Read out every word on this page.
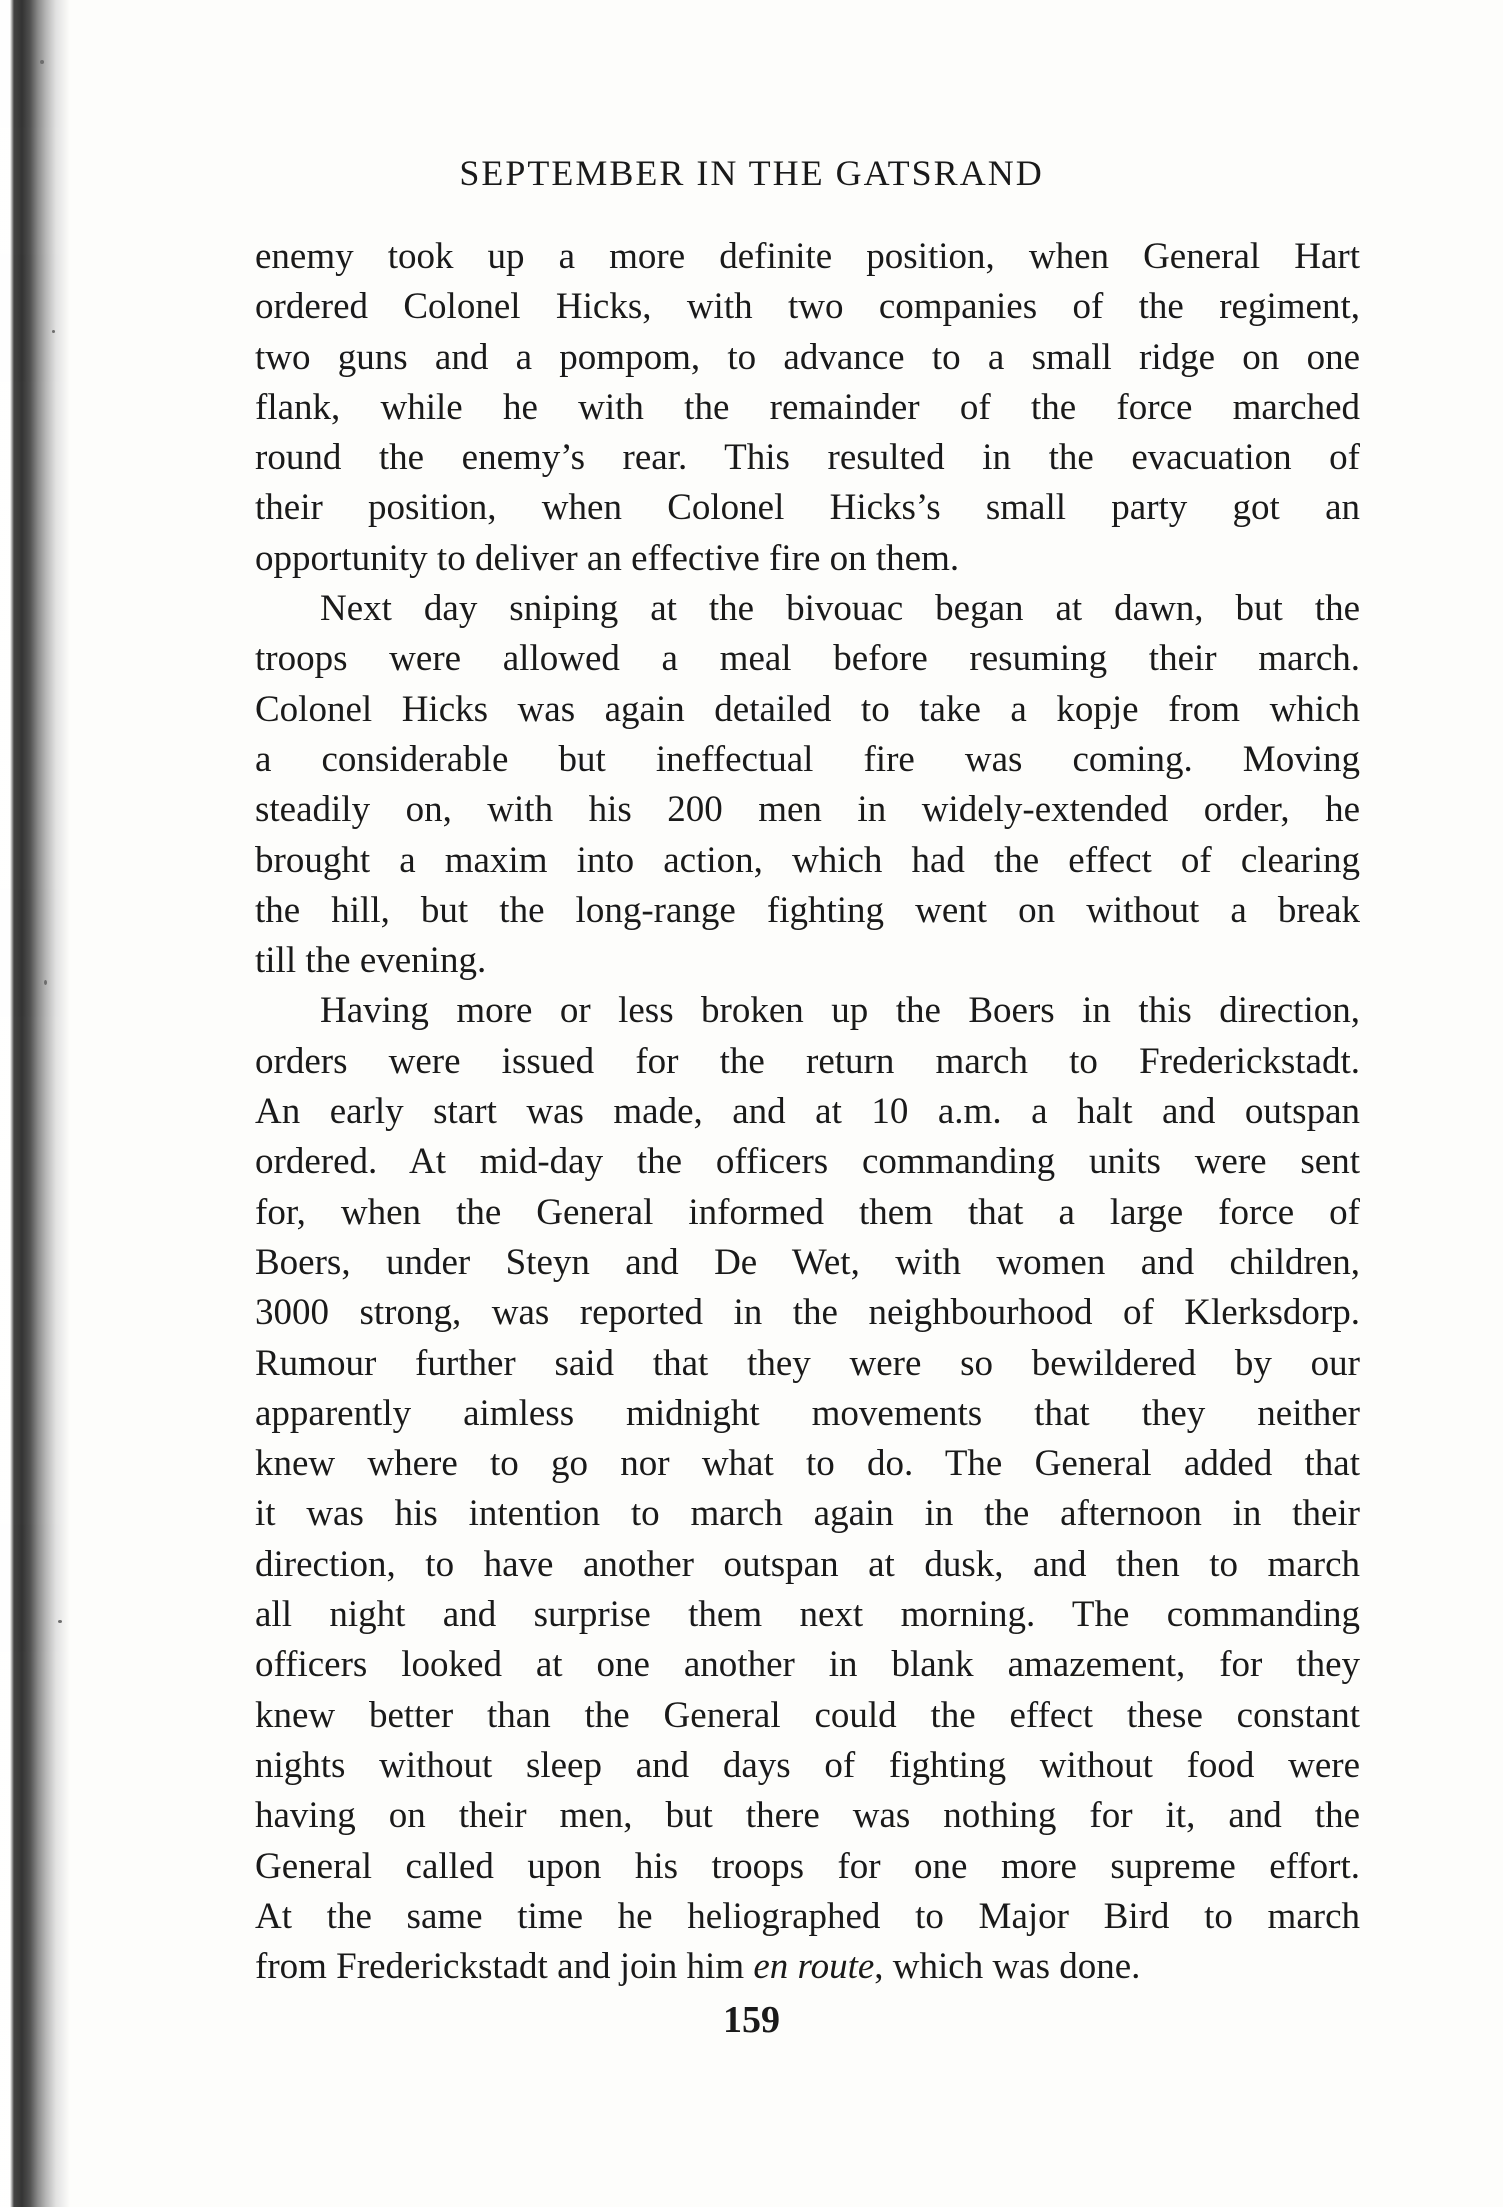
SEPTEMBER IN THE GATSRAND
enemy took up a more definite position, when General Hart
ordered Colonel Hicks, with two companies of the regiment,
two guns and a pompom, to advance to a small ridge on one
flank, while he with the remainder of the force marched
round the enemy’s rear. This resulted in the evacuation of
their position, when Colonel Hicks’s small party got an
opportunity to deliver an effective fire on them.
Next day sniping at the bivouac began at dawn, but the
troops were allowed a meal before resuming their march.
Colonel Hicks was again detailed to take a kopje from which
a considerable but ineffectual fire was coming. Moving
steadily on, with his 200 men in widely-extended order, he
brought a maxim into action, which had the effect of clearing
the hill, but the long-range fighting went on without a break
till the evening.
Having more or less broken up the Boers in this direction,
orders were issued for the return march to Frederickstadt.
An early start was made, and at 10 a.m. a halt and outspan
ordered. At mid-day the officers commanding units were sent
for, when the General informed them that a large force of
Boers, under Steyn and De Wet, with women and children,
3000 strong, was reported in the neighbourhood of Klerksdorp.
Rumour further said that they were so bewildered by our
apparently aimless midnight movements that they neither
knew where to go nor what to do. The General added that
it was his intention to march again in the afternoon in their
direction, to have another outspan at dusk, and then to march
all night and surprise them next morning. The commanding
officers looked at one another in blank amazement, for they
knew better than the General could the effect these constant
nights without sleep and days of fighting without food were
having on their men, but there was nothing for it, and the
General called upon his troops for one more supreme effort.
At the same time he heliographed to Major Bird to march
from Frederickstadt and join him en route, which was done.
159
